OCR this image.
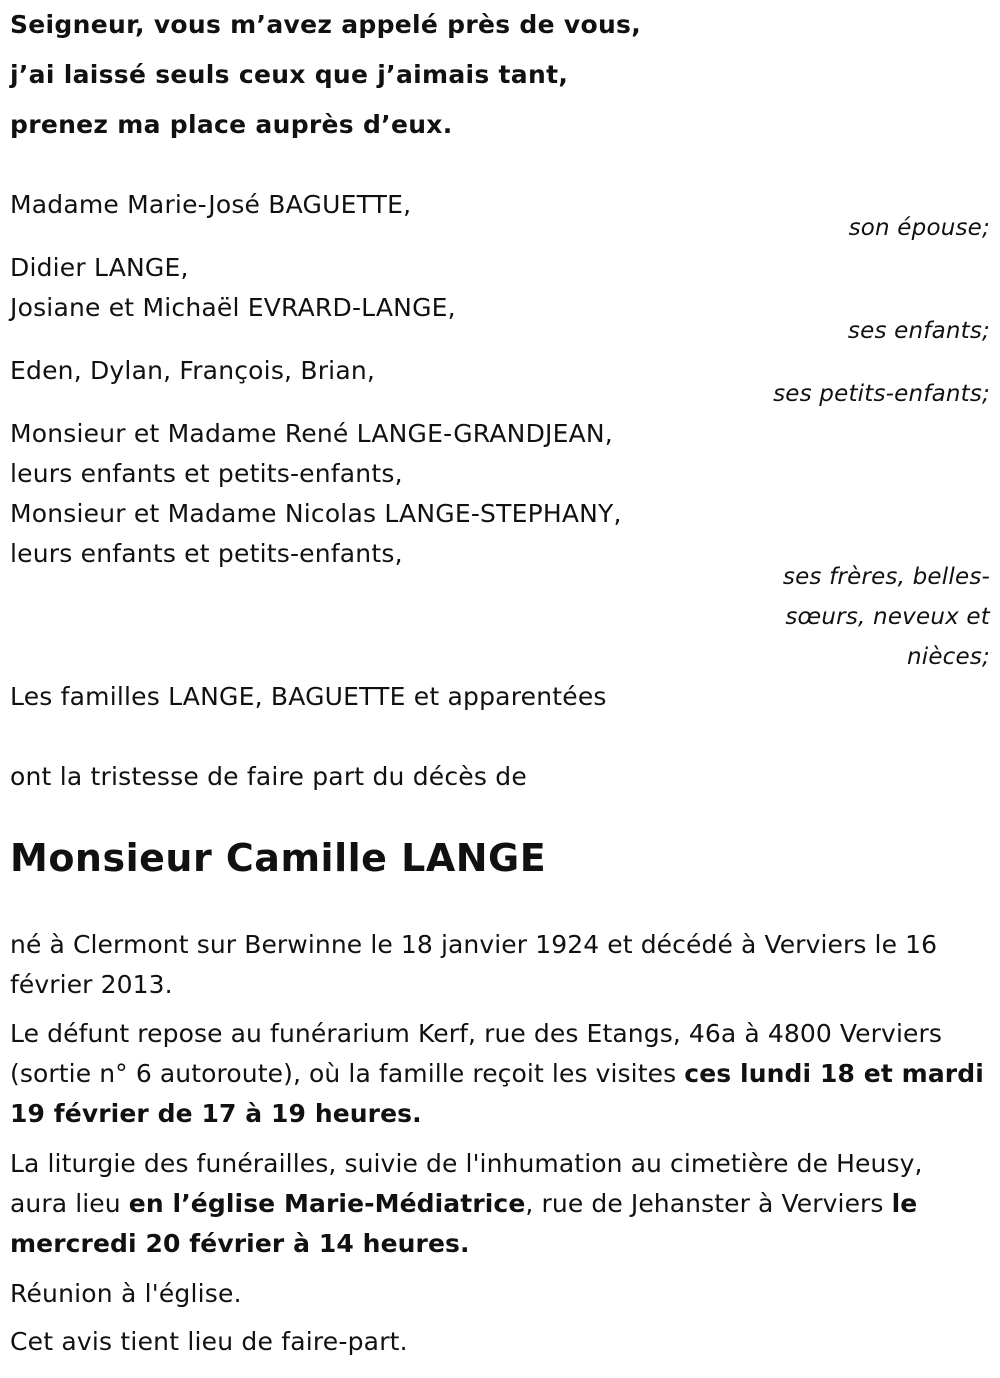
Seigneur, vous m’avez appelé près de vous,
j’ai laissé seuls ceux que j’aimais tant,
prenez ma place auprès d’eux.
Madame Marie-José BAGUETTE,
son épouse;
Didier LANGE,
Josiane et Michaël EVRARD-LANGE,
ses enfants;
Eden, Dylan, François, Brian,
ses petits-enfants;
Monsieur et Madame René LANGE-GRANDJEAN,
leurs enfants et petits-enfants,
Monsieur et Madame Nicolas LANGE-STEPHANY,
leurs enfants et petits-enfants,
ses frères, belles-
sœurs, neveux et
nièces;
Les familles LANGE, BAGUETTE et apparentées
ont la tristesse de faire part du décès de
Monsieur Camille LANGE
né à Clermont sur Berwinne le 18 janvier 1924 et décédé à Verviers le 16 février 2013.
Le défunt repose au funérarium Kerf, rue des Etangs, 46a à 4800 Verviers (sortie n° 6 autoroute), où la famille reçoit les visites ces lundi 18 et mardi 19 février de 17 à 19 heures.
La liturgie des funérailles, suivie de l'inhumation au cimetière de Heusy, aura lieu en l’église Marie-Médiatrice, rue de Jehanster à Verviers le mercredi 20 février à 14 heures.
Réunion à l'église.
Cet avis tient lieu de faire-part.
